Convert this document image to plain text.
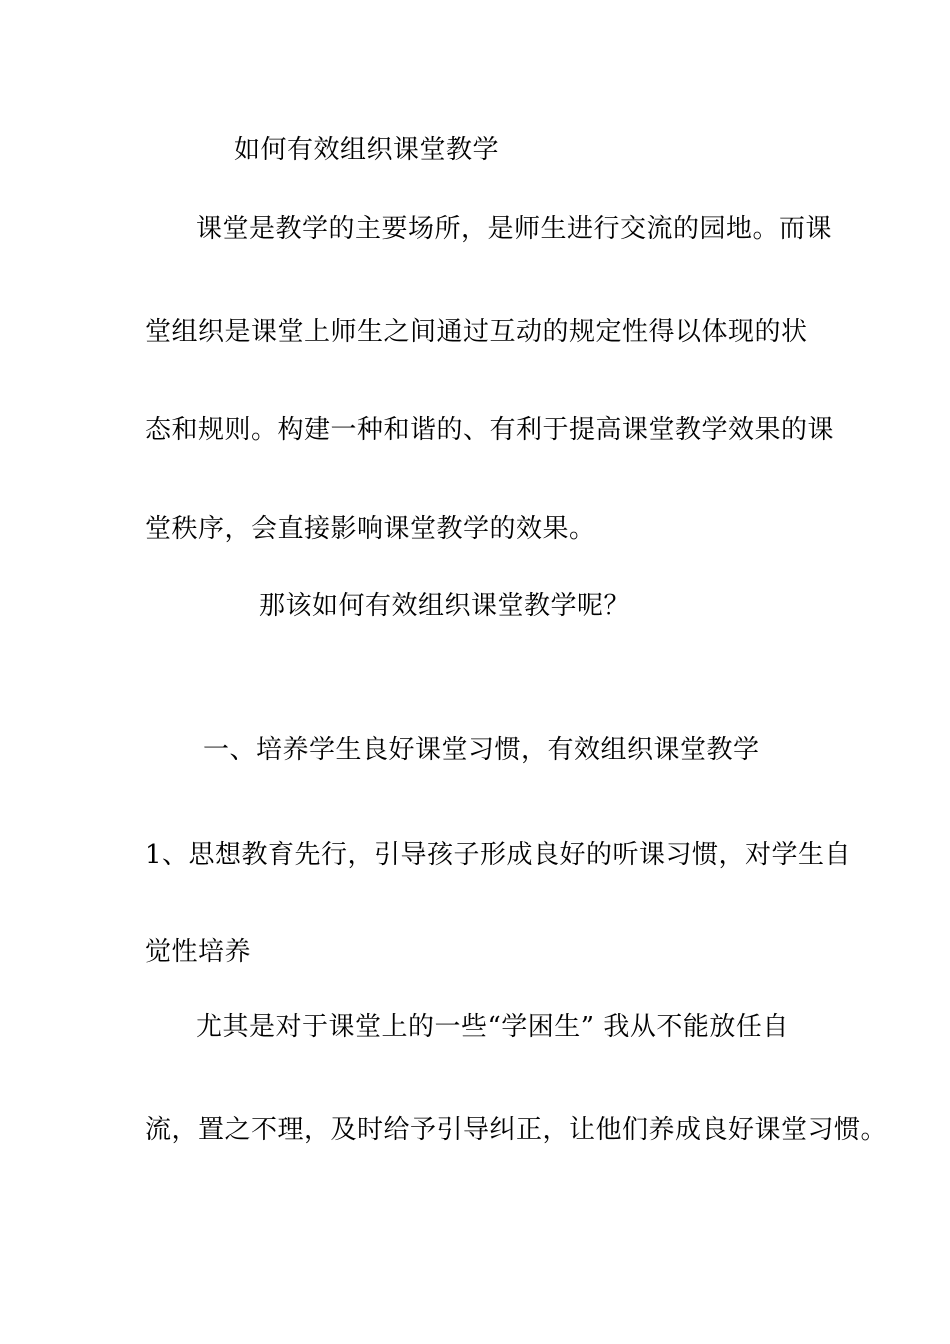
如何有效组织课堂教学
课堂是教学的主要场所，是师生进行交流的园地。而课
堂组织是课堂上师生之间通过互动的规定性得以体现的状
态和规则。构建一种和谐的、有利于提高课堂教学效果的课
堂秩序，会直接影响课堂教学的效果。
那该如何有效组织课堂教学呢？
一、培养学生良好课堂习惯，有效组织课堂教学
1、思想教育先行，引导孩子形成良好的听课习惯，对学生自
觉性培养
尤其是对于课堂上的一些“学困生” 我从不能放任自
流，置之不理，及时给予引导纠正，让他们养成良好课堂习惯。
